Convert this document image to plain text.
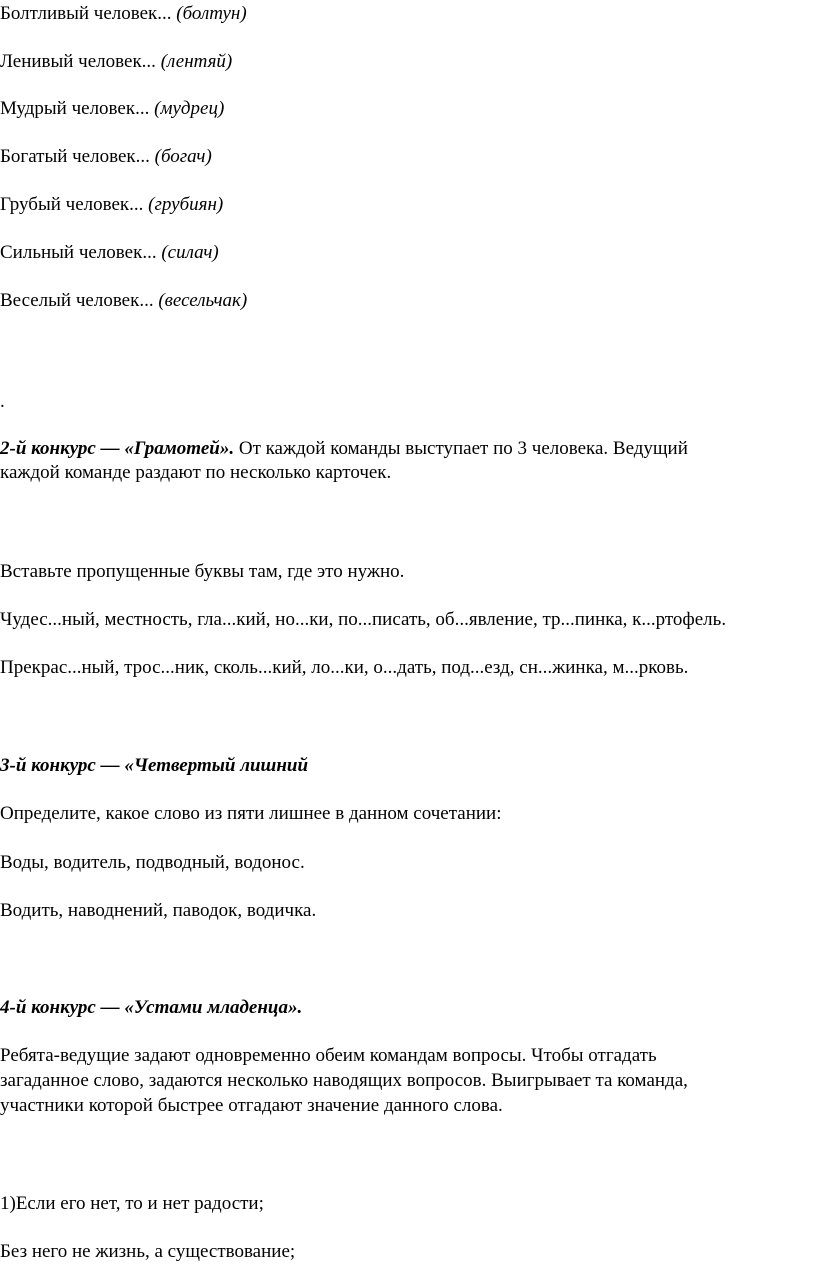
Болтливый человек... (болтун)
Ленивый человек... (лентяй)
Мудрый человек... (мудрец)
Богатый человек... (богач)
Грубый человек... (грубиян)
Сильный человек... (силач)
Веселый человек... (весельчак)
.
2-й конкурс — «Грамотей». От каждой команды выступает по 3 человека. Ведущий
каждой команде раздают по несколько карточек.
Вставьте пропущенные буквы там, где это нужно.
Чудес...ный, местность, гла...кий, но...ки, по...писать, об...явление, тр...пинка, к...ртофель.
Прекрас...ный, трос...ник, сколь...кий, ло...ки, о...дать, под...езд, сн...жинка, м...рковь.
3-й конкурс — «Четвертый лишний
Определите, какое слово из пяти лишнее в данном сочетании:
Воды, водитель, подводный, водонос.
Водить, наводнений, паводок, водичка.
4-й конкурс — «Устами младенца».
Ребята-ведущие задают одновременно обеим командам вопросы. Чтобы отгадать
загаданное слово, задаются несколько наводящих вопросов. Выигрывает та команда,
участники которой быстрее отгадают значение данного слова.
1)Если его нет, то и нет радости;
Без него не жизнь, а существование;
